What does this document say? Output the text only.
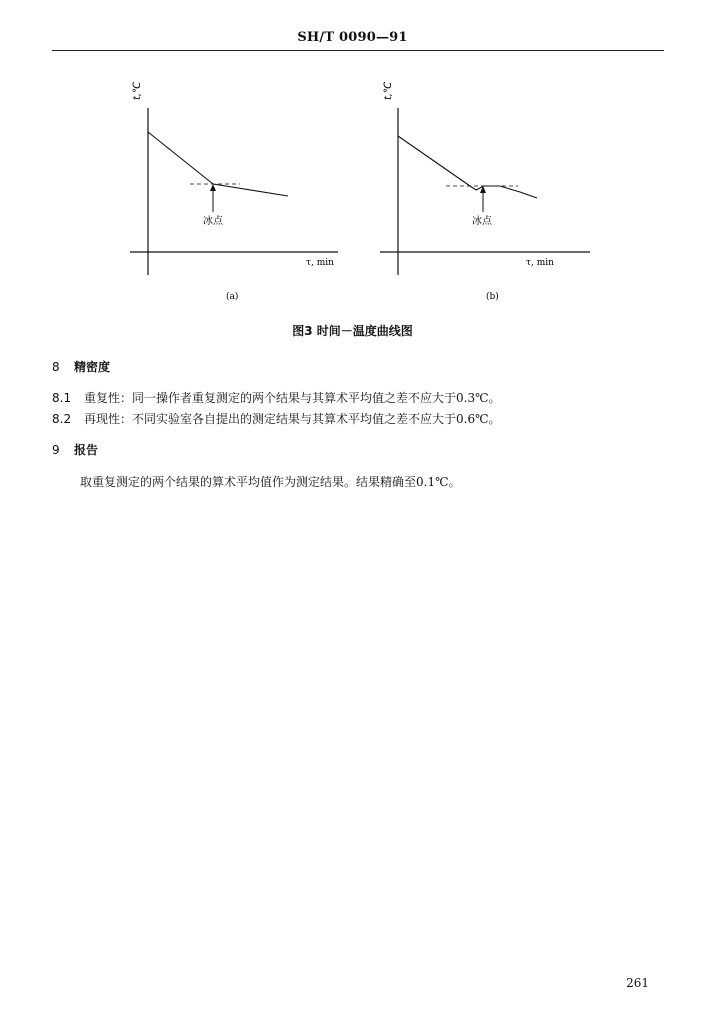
SH/T 0090—91
t,℃
τ, min
冰点
(a)
t,℃
τ, min
冰点
(b)
图3 时间－温度曲线图
8 精密度
8.1 重复性：同一操作者重复测定的两个结果与其算术平均值之差不应大于0.3℃。
8.2 再现性：不同实验室各自提出的测定结果与其算术平均值之差不应大于0.6℃。
9 报告
取重复测定的两个结果的算术平均值作为测定结果。结果精确至0.1℃。
261
